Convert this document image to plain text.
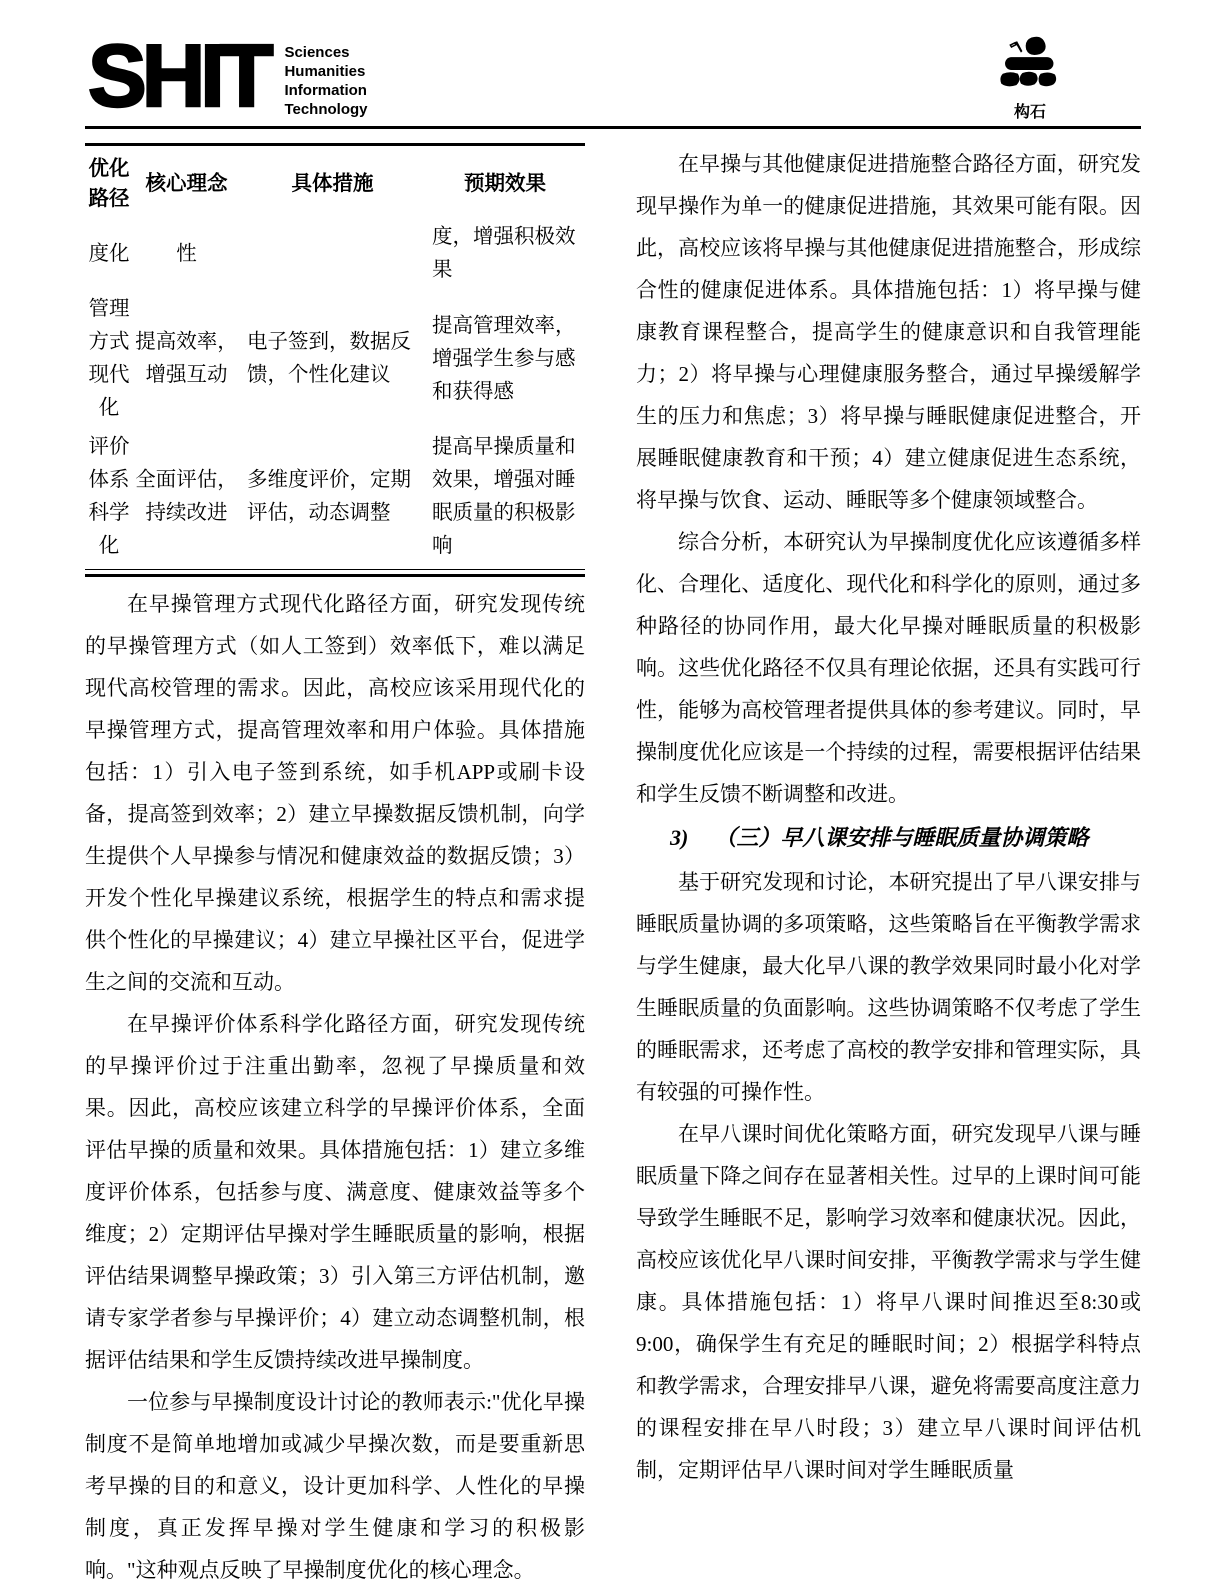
SHIT Sciences
Humanities
Information
Technology	构石
优化路径	核心理念	具体措施	预期效果
度化	性		度，增强积极效果
管理方式现代化	提高效率，增强互动	电子签到，数据反馈，个性化建议	提高管理效率，增强学生参与感和获得感
评价体系科学化	全面评估，持续改进	多维度评价，定期评估，动态调整	提高早操质量和效果，增强对睡眠质量的积极影响

在早操管理方式现代化路径方面，研究发现传统的早操管理方式（如人工签到）效率低下，难以满足现代高校管理的需求。因此，高校应该采用现代化的早操管理方式，提高管理效率和用户体验。具体措施包括：1）引入电子签到系统，如手机APP或刷卡设备，提高签到效率；2）建立早操数据反馈机制，向学生提供个人早操参与情况和健康效益的数据反馈；3）开发个性化早操建议系统，根据学生的特点和需求提供个性化的早操建议；4）建立早操社区平台，促进学生之间的交流和互动。

在早操评价体系科学化路径方面，研究发现传统的早操评价过于注重出勤率，忽视了早操质量和效果。因此，高校应该建立科学的早操评价体系，全面评估早操的质量和效果。具体措施包括：1）建立多维度评价体系，包括参与度、满意度、健康效益等多个维度；2）定期评估早操对学生睡眠质量的影响，根据评估结果调整早操政策；3）引入第三方评估机制，邀请专家学者参与早操评价；4）建立动态调整机制，根据评估结果和学生反馈持续改进早操制度。

一位参与早操制度设计讨论的教师表示:"优化早操制度不是简单地增加或减少早操次数，而是要重新思考早操的目的和意义，设计更加科学、人性化的早操制度，真正发挥早操对学生健康和学习的积极影响。"这种观点反映了早操制度优化的核心理念。

在早操与其他健康促进措施整合路径方面，研究发现早操作为单一的健康促进措施，其效果可能有限。因此，高校应该将早操与其他健康促进措施整合，形成综合性的健康促进体系。具体措施包括：1）将早操与健康教育课程整合，提高学生的健康意识和自我管理能力；2）将早操与心理健康服务整合，通过早操缓解学生的压力和焦虑；3）将早操与睡眠健康促进整合，开展睡眠健康教育和干预；4）建立健康促进生态系统，将早操与饮食、运动、睡眠等多个健康领域整合。

综合分析，本研究认为早操制度优化应该遵循多样化、合理化、适度化、现代化和科学化的原则，通过多种路径的协同作用，最大化早操对睡眠质量的积极影响。这些优化路径不仅具有理论依据，还具有实践可行性，能够为高校管理者提供具体的参考建议。同时，早操制度优化应该是一个持续的过程，需要根据评估结果和学生反馈不断调整和改进。

3) （三）早八课安排与睡眠质量协调策略

基于研究发现和讨论，本研究提出了早八课安排与睡眠质量协调的多项策略，这些策略旨在平衡教学需求与学生健康，最大化早八课的教学效果同时最小化对学生睡眠质量的负面影响。这些协调策略不仅考虑了学生的睡眠需求，还考虑了高校的教学安排和管理实际，具有较强的可操作性。

在早八课时间优化策略方面，研究发现早八课与睡眠质量下降之间存在显著相关性。过早的上课时间可能导致学生睡眠不足，影响学习效率和健康状况。因此，高校应该优化早八课时间安排，平衡教学需求与学生健康。具体措施包括：1）将早八课时间推迟至8:30或9:00，确保学生有充足的睡眠时间；2）根据学科特点和教学需求，合理安排早八课，避免将需要高度注意力的课程安排在早八时段；3）建立早八课时间评估机制，定期评估早八课时间对学生睡眠质量
